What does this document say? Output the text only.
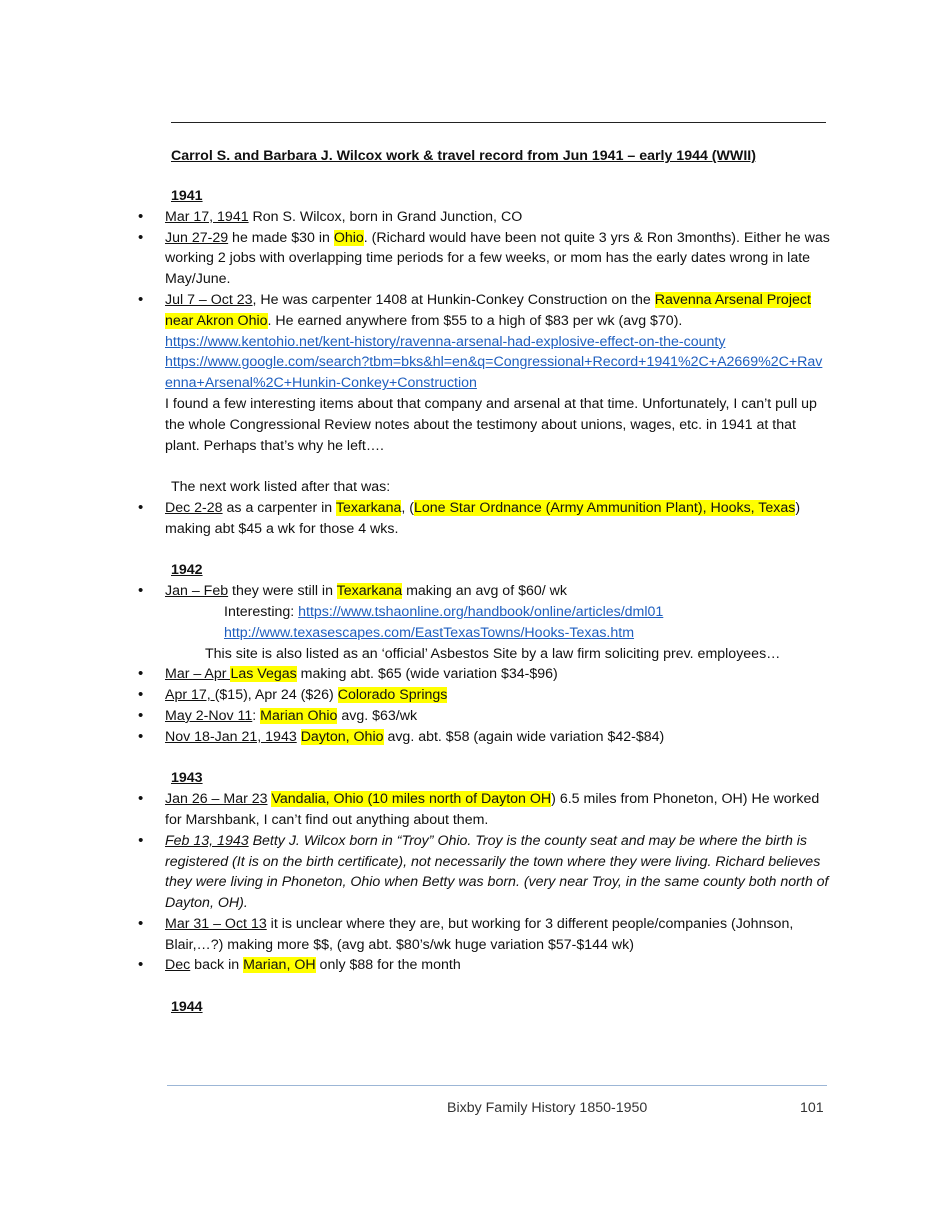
Carrol S. and Barbara J. Wilcox work & travel record from Jun 1941 – early 1944 (WWII)
1941
• Mar 17, 1941 Ron S. Wilcox, born in Grand Junction, CO
• Jun 27-29 he made $30 in Ohio. (Richard would have been not quite 3 yrs & Ron 3months). Either he was working 2 jobs with overlapping time periods for a few weeks, or mom has the early dates wrong in late May/June.
• Jul 7 – Oct 23, He was carpenter 1408 at Hunkin-Conkey Construction on the Ravenna Arsenal Project near Akron Ohio. He earned anywhere from $55 to a high of $83 per wk (avg $70).
https://www.kentohio.net/kent-history/ravenna-arsenal-had-explosive-effect-on-the-county
https://www.google.com/search?tbm=bks&hl=en&q=Congressional+Record+1941%2C+A2669%2C+Ravenna+Arsenal%2C+Hunkin-Conkey+Construction
I found a few interesting items about that company and arsenal at that time. Unfortunately, I can’t pull up the whole Congressional Review notes about the testimony about unions, wages, etc. in 1941 at that plant. Perhaps that’s why he left….
The next work listed after that was:
• Dec 2-28 as a carpenter in Texarkana, (Lone Star Ordnance (Army Ammunition Plant), Hooks, Texas) making abt $45 a wk for those 4 wks.
1942
• Jan – Feb they were still in Texarkana making an avg of $60/ wk
Interesting: https://www.tshaonline.org/handbook/online/articles/dml01
http://www.texasescapes.com/EastTexasTowns/Hooks-Texas.htm
This site is also listed as an ‘official’ Asbestos Site by a law firm soliciting prev. employees…
• Mar – Apr Las Vegas making abt. $65 (wide variation $34-$96)
• Apr 17, ($15), Apr 24 ($26) Colorado Springs
• May 2-Nov 11: Marian Ohio avg. $63/wk
• Nov 18-Jan 21, 1943 Dayton, Ohio avg. abt. $58 (again wide variation $42-$84)
1943
• Jan 26 – Mar 23 Vandalia, Ohio (10 miles north of Dayton OH) 6.5 miles from Phoneton, OH) He worked for Marshbank, I can’t find out anything about them.
• Feb 13, 1943 Betty J. Wilcox born in “Troy” Ohio. Troy is the county seat and may be where the birth is registered (It is on the birth certificate), not necessarily the town where they were living. Richard believes they were living in Phoneton, Ohio when Betty was born. (very near Troy, in the same county both north of Dayton, OH).
• Mar 31 – Oct 13 it is unclear where they are, but working for 3 different people/companies (Johnson, Blair,…?) making more $$, (avg abt. $80’s/wk huge variation $57-$144 wk)
• Dec back in Marian, OH only $88 for the month
1944
Bixby Family History 1850-1950	101
